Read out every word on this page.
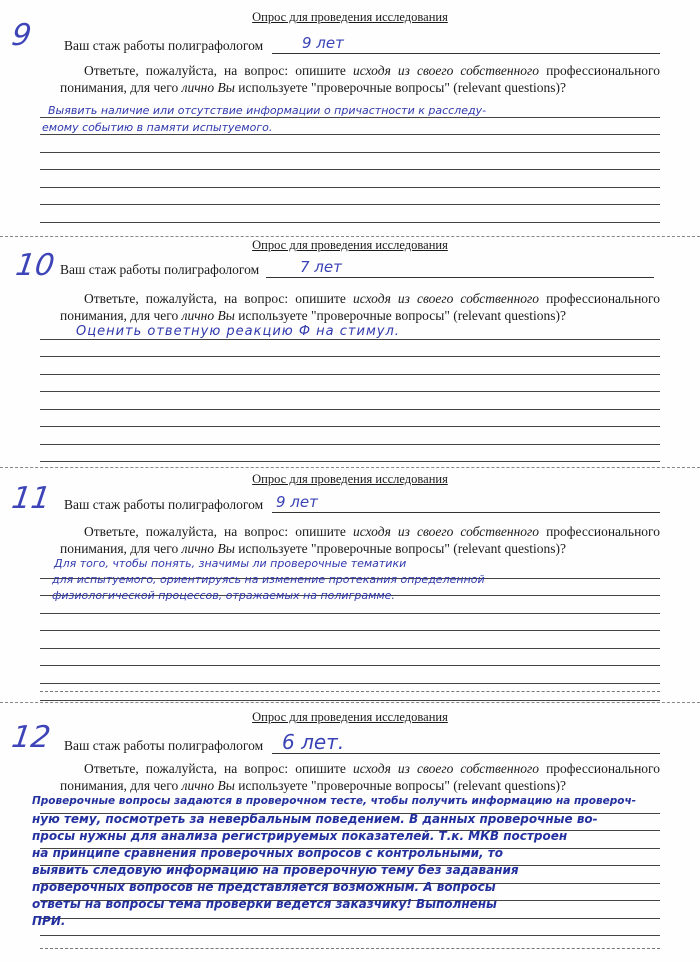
Опрос для проведения исследования
9 Ваш стаж работы полиграфологом	9 лет
Ответьте, пожалуйста, на вопрос: опишите исходя из своего собственного профессионального понимания, для чего лично Вы используете "проверочные вопросы" (relevant questions)?
Выявить наличие или отсутствие информации о причастности к расследу-
емому событию в памяти испытуемого.
Опрос для проведения исследования
10 Ваш стаж работы полиграфологом	7 лет
Ответьте, пожалуйста, на вопрос: опишите исходя из своего собственного профессионального понимания, для чего лично Вы используете "проверочные вопросы" (relevant questions)?
Оценить ответную реакцию Ф на стимул.
Опрос для проведения исследования
11 Ваш стаж работы полиграфологом 9 лет
Ответьте, пожалуйста, на вопрос: опишите исходя из своего собственного профессионального понимания, для чего лично Вы используете "проверочные вопросы" (relevant questions)?
Для того, чтобы понять, значимы ли проверочные тематики
для испытуемого, ориентируясь на изменение протекания определенной
физиологической процессов, отражаемых на полиграмме.
Опрос для проведения исследования
12 Ваш стаж работы полиграфологом 6 лет.
Ответьте, пожалуйста, на вопрос: опишите исходя из своего собственного профессионального понимания, для чего лично Вы используете "проверочные вопросы" (relevant questions)?
Проверочные вопросы задаются в проверочном тесте, чтобы получить информацию на провероч-
ную тему, посмотреть за невербальным поведением. В данных проверочные во-
просы нужны для анализа регистрируемых показателей. Т.к. МКВ построен
на принципе сравнения проверочных вопросов с контрольными, то
выявить следовую информацию на проверочную тему без задавания
проверочных вопросов не представляется возможным. А вопросы
ответы на вопросы тема проверки ведется заказчику! Выполнены
ПРИ.
